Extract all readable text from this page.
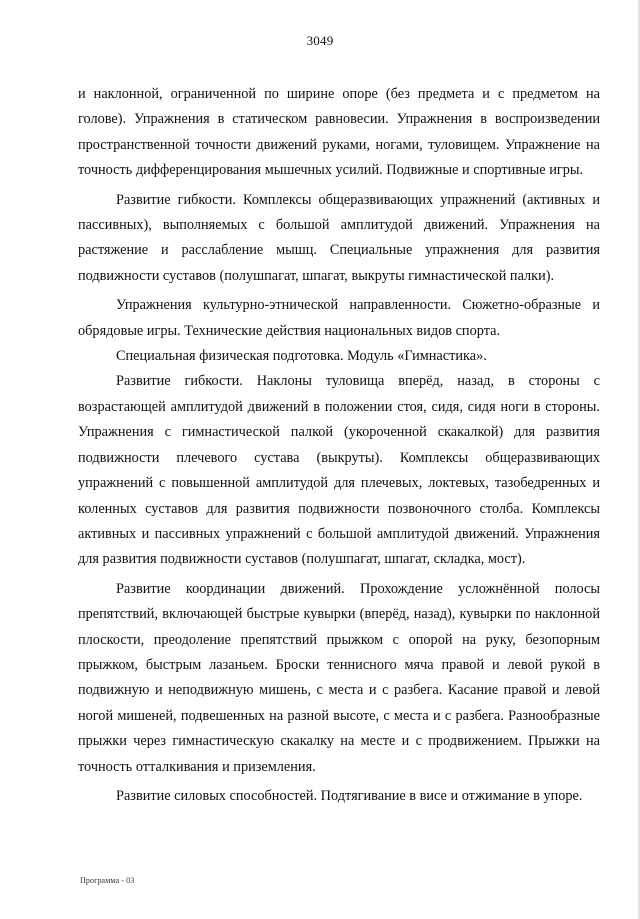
3049

и наклонной, ограниченной по ширине опоре (без предмета и с предметом на голове). Упражнения в статическом равновесии. Упражнения в воспроизведении пространственной точности движений руками, ногами, туловищем. Упражнение на точность дифференцирования мышечных усилий. Подвижные и спортивные игры.

Развитие гибкости. Комплексы общеразвивающих упражнений (активных и пассивных), выполняемых с большой амплитудой движений. Упражнения на растяжение и расслабление мышц. Специальные упражнения для развития подвижности суставов (полушпагат, шпагат, выкруты гимнастической палки).

Упражнения культурно-этнической направленности. Сюжетно-образные и обрядовые игры. Технические действия национальных видов спорта.

Специальная физическая подготовка. Модуль «Гимнастика».

Развитие гибкости. Наклоны туловища вперёд, назад, в стороны с возрастающей амплитудой движений в положении стоя, сидя, сидя ноги в стороны. Упражнения с гимнастической палкой (укороченной скакалкой) для развития подвижности плечевого сустава (выкруты). Комплексы общеразвивающих упражнений с повышенной амплитудой для плечевых, локтевых, тазобедренных и коленных суставов для развития подвижности позвоночного столба. Комплексы активных и пассивных упражнений с большой амплитудой движений. Упражнения для развития подвижности суставов (полушпагат, шпагат, складка, мост).

Развитие координации движений. Прохождение усложнённой полосы препятствий, включающей быстрые кувырки (вперёд, назад), кувырки по наклонной плоскости, преодоление препятствий прыжком с опорой на руку, безопорным прыжком, быстрым лазаньем. Броски теннисного мяча правой и левой рукой в подвижную и неподвижную мишень, с места и с разбега. Касание правой и левой ногой мишеней, подвешенных на разной высоте, с места и с разбега. Разнообразные прыжки через гимнастическую скакалку на месте и с продвижением. Прыжки на точность отталкивания и приземления.

Развитие силовых способностей. Подтягивание в висе и отжимание в упоре.

Программа - 03
